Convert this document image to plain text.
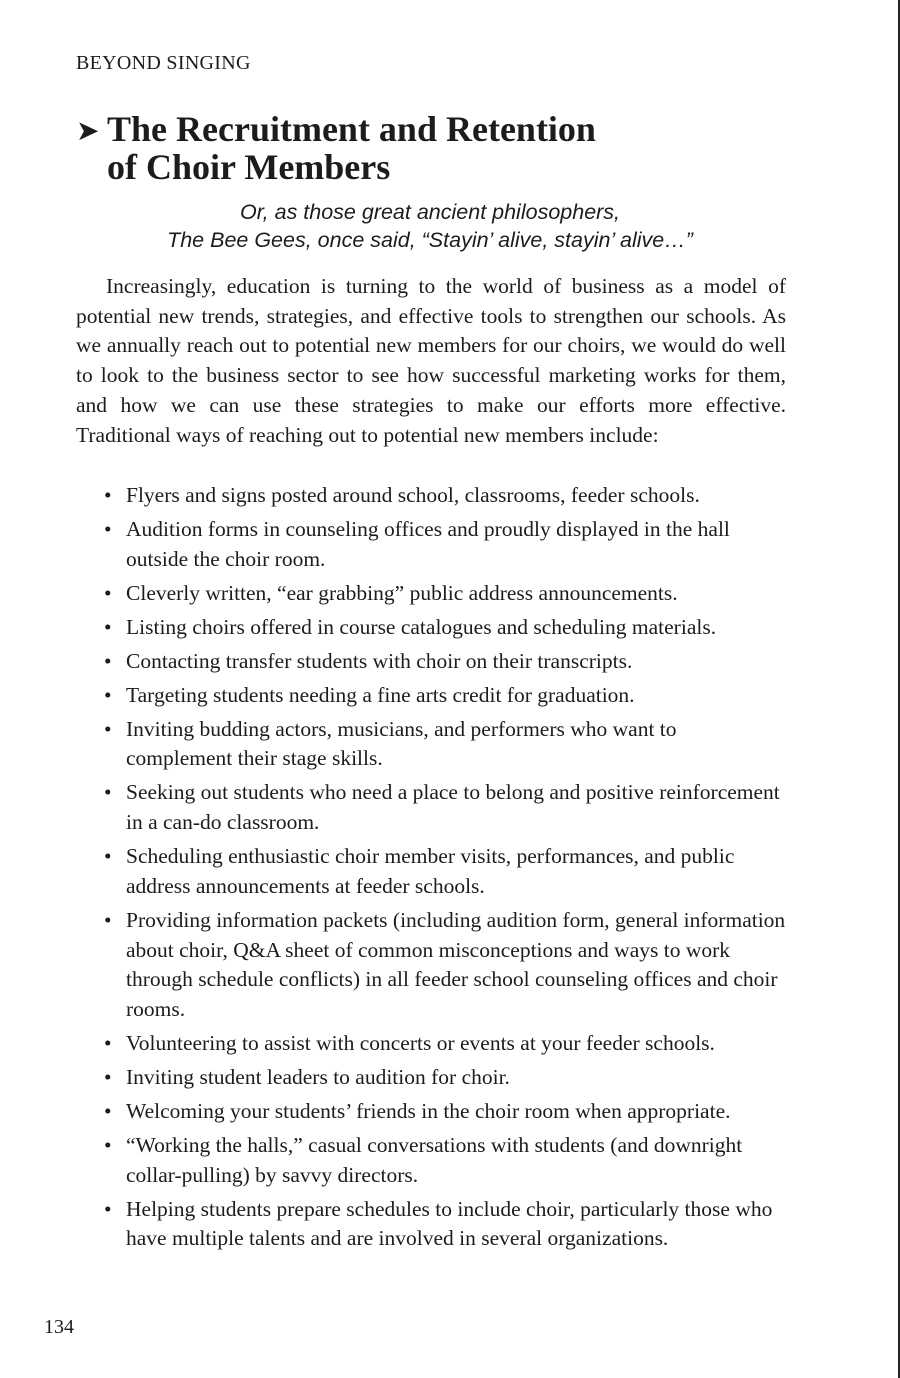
BEYOND SINGING
➤ The Recruitment and Retention
of Choir Members
Or, as those great ancient philosophers,
The Bee Gees, once said, “Stayin’ alive, stayin’ alive…”

Increasingly, education is turning to the world of business as a model of potential new trends, strategies, and effective tools to strengthen our schools. As we annually reach out to potential new members for our choirs, we would do well to look to the business sector to see how successful marketing works for them, and how we can use these strategies to make our efforts more effective. Traditional ways of reaching out to potential new members include:

• Flyers and signs posted around school, classrooms, feeder schools.
• Audition forms in counseling offices and proudly displayed in the hall outside the choir room.
• Cleverly written, “ear grabbing” public address announcements.
• Listing choirs offered in course catalogues and scheduling materials.
• Contacting transfer students with choir on their transcripts.
• Targeting students needing a fine arts credit for graduation.
• Inviting budding actors, musicians, and performers who want to complement their stage skills.
• Seeking out students who need a place to belong and positive reinforcement in a can-do classroom.
• Scheduling enthusiastic choir member visits, performances, and public address announcements at feeder schools.
• Providing information packets (including audition form, general information about choir, Q&A sheet of common misconceptions and ways to work through schedule conflicts) in all feeder school counseling offices and choir rooms.
• Volunteering to assist with concerts or events at your feeder schools.
• Inviting student leaders to audition for choir.
• Welcoming your students’ friends in the choir room when appropriate.
• “Working the halls,” casual conversations with students (and downright collar-pulling) by savvy directors.
• Helping students prepare schedules to include choir, particularly those who have multiple talents and are involved in several organizations.
134
